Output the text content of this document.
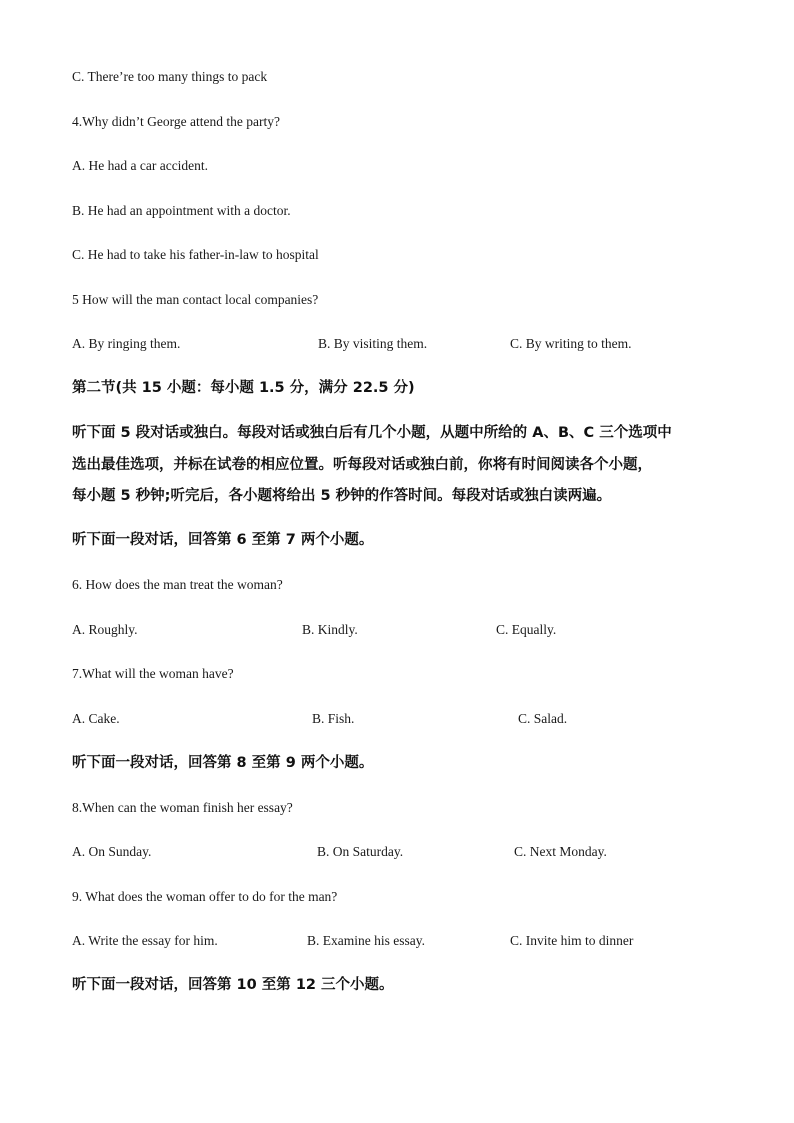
C. There’re too many things to pack
4.Why didn’t George attend the party?
A. He had a car accident.
B. He had an appointment with a doctor.
C. He had to take his father-in-law to hospital
5 How will the man contact local companies?
A. By ringing them.	B. By visiting them.	C. By writing to them.
第二节(共 15 小题：每小题 1.5 分，满分 22.5 分)
听下面 5 段对话或独白。每段对话或独白后有几个小题，从题中所给的 A、B、C 三个选项中
选出最佳选项，并标在试卷的相应位置。听每段对话或独白前，你将有时间阅读各个小题，
每小题 5 秒钟;听完后，各小题将给出 5 秒钟的作答时间。每段对话或独白读两遍。
听下面一段对话，回答第 6 至第 7 两个小题。
6. How does the man treat the woman?
A. Roughly.	B. Kindly.	C. Equally.
7.What will the woman have?
A. Cake.	B. Fish.	C. Salad.
听下面一段对话，回答第 8 至第 9 两个小题。
8.When can the woman finish her essay?
A. On Sunday.	B. On Saturday.	C. Next Monday.
9. What does the woman offer to do for the man?
A. Write the essay for him.	B. Examine his essay.	C. Invite him to dinner
听下面一段对话，回答第 10 至第 12 三个小题。
